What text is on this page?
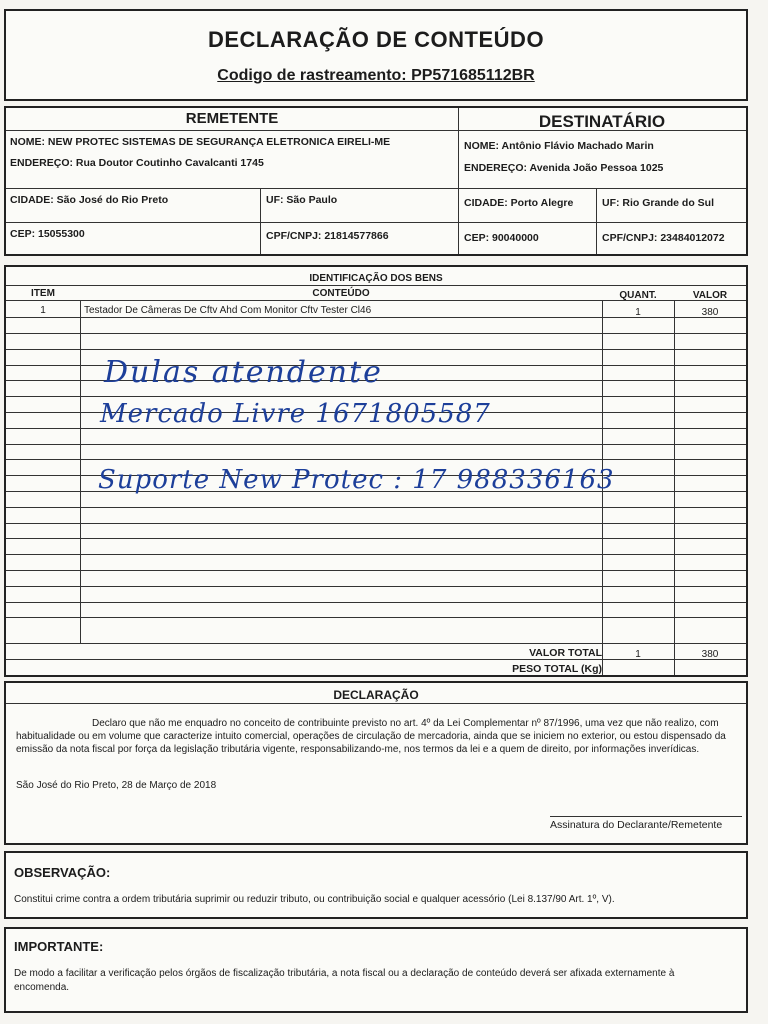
DECLARAÇÃO DE CONTEÚDO
Codigo de rastreamento: PP571685112BR
REMETENTE	DESTINATÁRIO
NOME: NEW PROTEC SISTEMAS DE SEGURANÇA ELETRONICA EIRELI-ME
ENDEREÇO: Rua Doutor Coutinho Cavalcanti 1745
CIDADE: São José do Rio Preto	UF: São Paulo
CEP: 15055300	CPF/CNPJ: 21814577866
NOME: Antônio Flávio Machado Marin
ENDEREÇO: Avenida João Pessoa 1025
CIDADE: Porto Alegre	UF: Rio Grande do Sul
CEP: 90040000	CPF/CNPJ: 23484012072
IDENTIFICAÇÃO DOS BENS
ITEM	CONTEÚDO	QUANT.	VALOR
1	Testador De Câmeras De Cftv Ahd Com Monitor Cftv Tester Cl46	1	380
Dulas atendente
Mercado Livre 1671805587
Suporte New Protec : 17 988336163
VALOR TOTAL	1	380
PESO TOTAL (Kg)
DECLARAÇÃO
Declaro que não me enquadro no conceito de contribuinte previsto no art. 4º da Lei Complementar nº 87/1996, uma vez que não realizo, com habitualidade ou em volume que caracterize intuito comercial, operações de circulação de mercadoria, ainda que se iniciem no exterior, ou estou dispensado da emissão da nota fiscal por força da legislação tributária vigente, responsabilizando-me, nos termos da lei e a quem de direito, por informações inverídicas.
São José do Rio Preto, 28 de Março de 2018
Assinatura do Declarante/Remetente
OBSERVAÇÃO:
Constitui crime contra a ordem tributária suprimir ou reduzir tributo, ou contribuição social e qualquer acessório (Lei 8.137/90 Art. 1º, V).
IMPORTANTE:
De modo a facilitar a verificação pelos órgãos de fiscalização tributária, a nota fiscal ou a declaração de conteúdo deverá ser afixada externamente à encomenda.
